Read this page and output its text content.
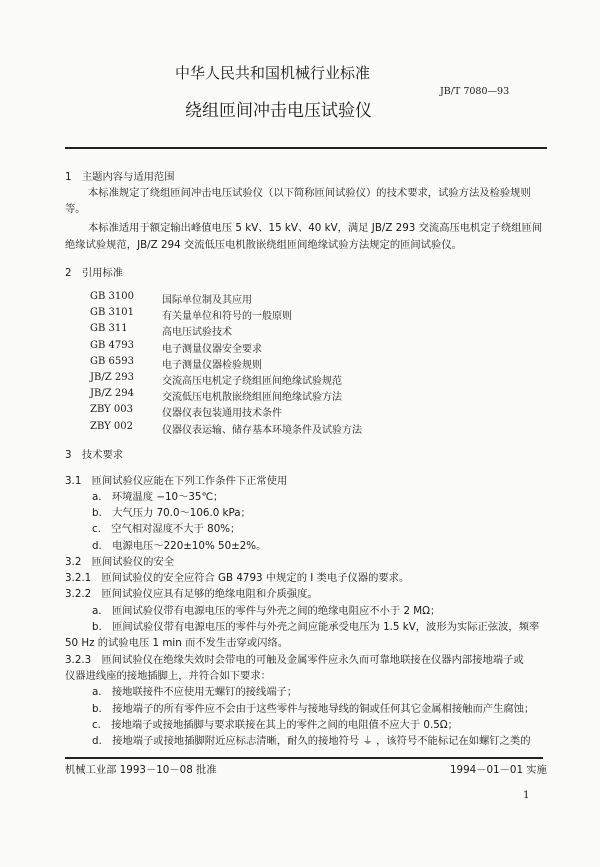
中华人民共和国机械行业标准
JB/T 7080—93
绕组匝间冲击电压试验仪
1　主题内容与适用范围
本标准规定了绕组匝间冲击电压试验仪（以下简称匝间试验仪）的技术要求，试验方法及检验规则
等。
本标准适用于额定输出峰值电压 5 kV、15 kV、40 kV，满足 JB/Z 293 交流高压电机定子绕组匝间
绝缘试验规范，JB/Z 294 交流低压电机散嵌绕组匝间绝缘试验方法规定的匝间试验仪。
2　引用标准
GB 3100	国际单位制及其应用
GB 3101	有关量单位和符号的一般原则
GB 311	高电压试验技术
GB 4793	电子测量仪器安全要求
GB 6593	电子测量仪器检验规则
JB/Z 293	交流高压电机定子绕组匝间绝缘试验规范
JB/Z 294	交流低压电机散嵌绕组匝间绝缘试验方法
ZBY 003	仪器仪表包装通用技术条件
ZBY 002	仪器仪表运输、储存基本环境条件及试验方法
3　技术要求
3.1　匝间试验仪应能在下列工作条件下正常使用
a.　环境温度 −10～35℃；
b.　大气压力 70.0～106.0 kPa；
c.　空气相对湿度不大于 80%；
d.　电源电压～220±10% 50±2%。
3.2　匝间试验仪的安全
3.2.1　匝间试验仪的安全应符合 GB 4793 中规定的 I 类电子仪器的要求。
3.2.2　匝间试验仪应具有足够的绝缘电阻和介质强度。
a.　匝间试验仪带有电源电压的零件与外壳之间的绝缘电阻应不小于 2 MΩ；
b.　匝间试验仪带有电源电压的零件与外壳之间应能承受电压为 1.5 kV，波形为实际正弦波，频率
50 Hz 的试验电压 1 min 而不发生击穿或闪络。
3.2.3　匝间试验仪在绝缘失效时会带电的可触及金属零件应永久而可靠地联接在仪器内部接地端子或
仪器进线座的接地插脚上，并符合如下要求：
a.　接地联接件不应使用无螺钉的接线端子；
b.　接地端子的所有零件应不会由于这些零件与接地导线的铜或任何其它金属相接触而产生腐蚀；
c.　接地端子或接地插脚与要求联接在其上的零件之间的电阻值不应大于 0.5Ω；
d.　接地端子或接地插脚附近应标志清晰，耐久的接地符号 ⏚ ，该符号不能标记在如螺钉之类的
机械工业部 1993－10－08 批准	1994－01－01 实施
1
